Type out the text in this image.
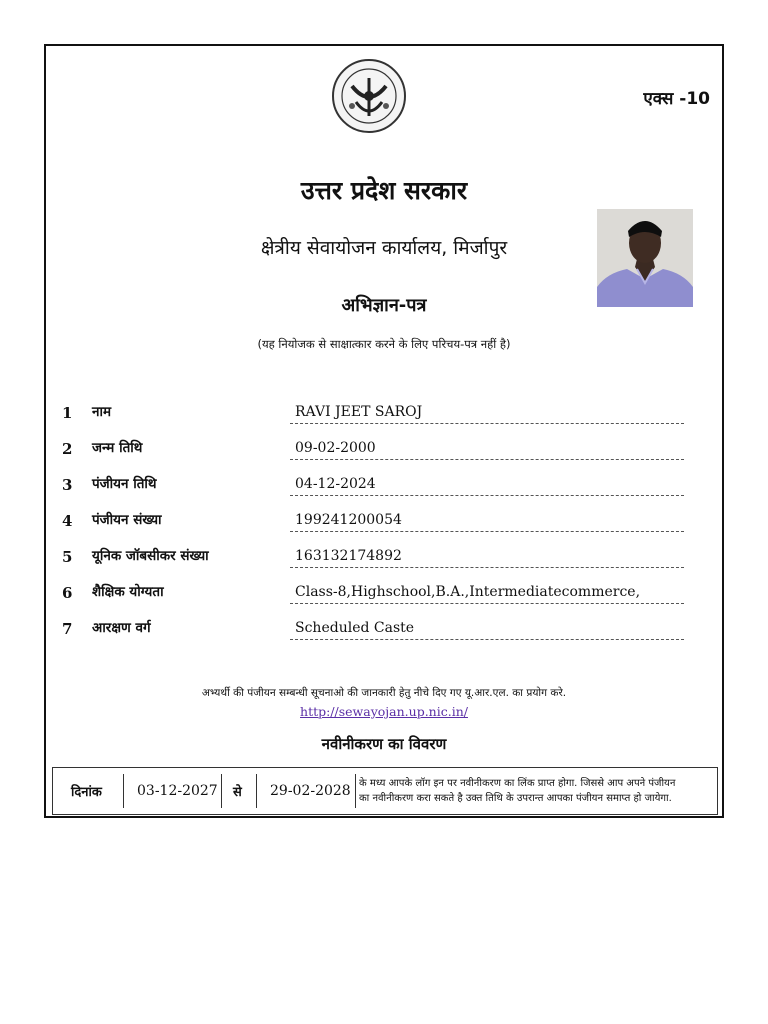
एक्स -10
उत्तर प्रदेश सरकार
क्षेत्रीय सेवायोजन कार्यालय, मिर्जापुर
अभिज्ञान-पत्र
(यह नियोजक से साक्षात्कार करने के लिए परिचय-पत्र नहीं है)
1 नाम	RAVI JEET SAROJ
2 जन्म तिथि	09-02-2000
3 पंजीयन तिथि	04-12-2024
4 पंजीयन संख्या	199241200054
5 यूनिक जॉबसीकर संख्या	163132174892
6 शैक्षिक योग्यता	Class-8,Highschool,B.A.,Intermediatecommerce,
7 आरक्षण वर्ग	Scheduled Caste
अभ्यर्थी की पंजीयन सम्बन्धी सूचनाओ की जानकारी हेतु नीचे दिए गए यू.आर.एल. का प्रयोग करे.
http://sewayojan.up.nic.in/
नवीनीकरण का विवरण
दिनांक	03-12-2027 से 29-02-2028 के मध्य आपके लॉग इन पर नवीनीकरण का लिंक प्राप्त होगा. जिससे आप अपने पंजीयन
का नवीनीकरण करा सकते है उक्त तिथि के उपरान्त आपका पंजीयन समाप्त हो जायेगा.
